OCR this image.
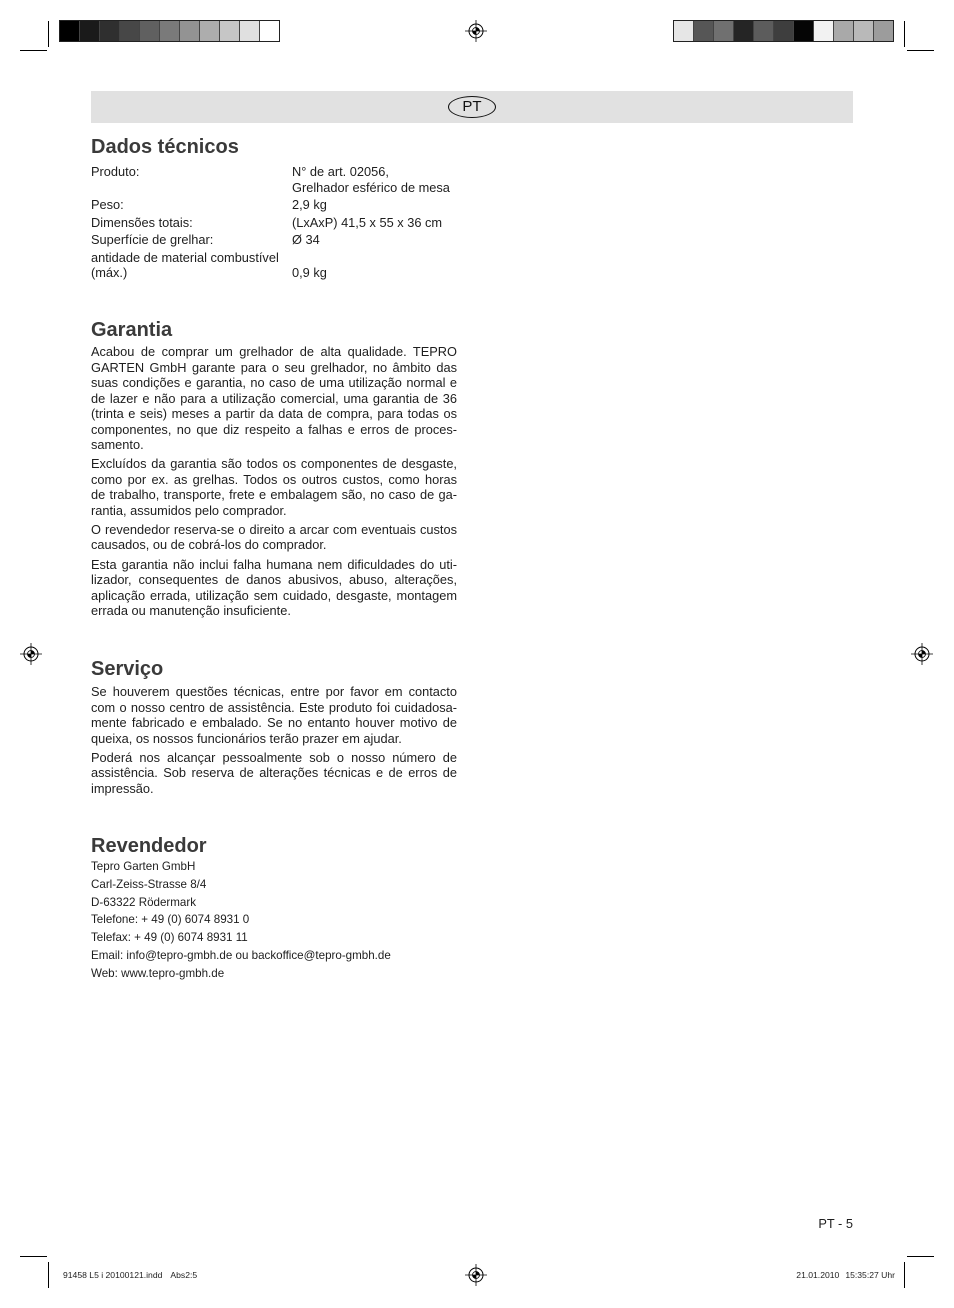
PT
Dados técnicos
Produto:	N° de art. 02056,
Grelhador esférico de mesa
Peso:	2,9 kg
Dimensões totais:	(LxAxP) 41,5 x 55 x 36 cm
Superfície de grelhar:	Ø 34
antidade de material combustível
(máx.)	0,9 kg
Garantia
Acabou de comprar um grelhador de alta qualidade. TEPRO
GARTEN GmbH garante para o seu grelhador, no âmbito das
suas condições e garantia, no caso de uma utilização normal e
de lazer e não para a utilização comercial, uma garantia de 36
(trinta e seis) meses a partir da data de compra, para todas os
componentes, no que diz respeito a falhas e erros de proces-
samento.
Excluídos da garantia são todos os componentes de desgaste,
como por ex. as grelhas. Todos os outros custos, como horas
de trabalho, transporte, frete e embalagem são, no caso de ga-
rantia, assumidos pelo comprador.
O revendedor reserva-se o direito a arcar com eventuais custos
causados, ou de cobrá-los do comprador.
Esta garantia não inclui falha humana nem dificuldades do uti-
lizador, consequentes de danos abusivos, abuso, alterações,
aplicação errada, utilização sem cuidado, desgaste, montagem
errada ou manutenção insuficiente.
Serviço
Se houverem questões técnicas, entre por favor em contacto
com o nosso centro de assistência. Este produto foi cuidadosa-
mente fabricado e embalado. Se no entanto houver motivo de
queixa, os nossos funcionários terão prazer em ajudar.
Poderá nos alcançar pessoalmente sob o nosso número de
assistência. Sob reserva de alterações técnicas e de erros de
impressão.
Revendedor
Tepro Garten GmbH
Carl-Zeiss-Strasse 8/4
D-63322 Rödermark
Telefone: + 49 (0) 6074 8931 0
Telefax: + 49 (0) 6074 8931 11
Email: info@tepro-gmbh.de ou backoffice@tepro-gmbh.de
Web: www.tepro-gmbh.de
PT - 5
91458 L5 i 20100121.indd Abs2:5	21.01.2010 15:35:27 Uhr
